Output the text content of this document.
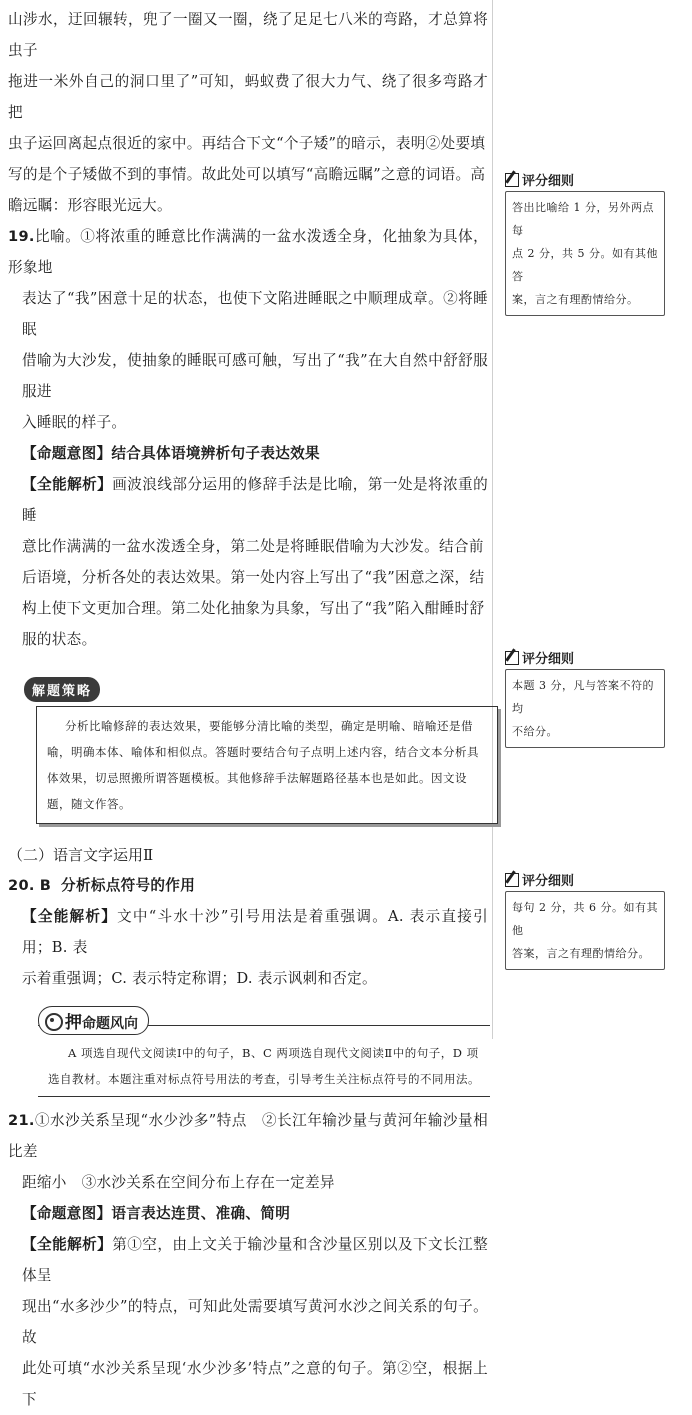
山涉水，迂回辗转，兜了一圈又一圈，绕了足足七八米的弯路，才总算将虫子

拖进一米外自己的洞口里了”可知，蚂蚁费了很大力气、绕了很多弯路才把

虫子运回离起点很近的家中。再结合下文“个子矮”的暗示，表明②处要填

写的是个子矮做不到的事情。故此处可以填写“高瞻远瞩”之意的词语。高

瞻远瞩：形容眼光远大。

19.比喻。①将浓重的睡意比作满满的一盆水泼透全身，化抽象为具体，形象地

表达了“我”困意十足的状态，也使下文陷进睡眠之中顺理成章。②将睡眠

借喻为大沙发，使抽象的睡眠可感可触，写出了“我”在大自然中舒舒服服进

入睡眠的样子。

【命题意图】结合具体语境辨析句子表达效果

【全能解析】画波浪线部分运用的修辞手法是比喻，第一处是将浓重的睡

意比作满满的一盆水泼透全身，第二处是将睡眠借喻为大沙发。结合前

后语境，分析各处的表达效果。第一处内容上写出了“我”困意之深，结

构上使下文更加合理。第二处化抽象为具象，写出了“我”陷入酣睡时舒

服的状态。

解题策略

分析比喻修辞的表达效果，要能够分清比喻的类型，确定是明喻、暗喻还是借

喻，明确本体、喻体和相似点。答题时要结合句子点明上述内容，结合文本分析具

体效果，切忌照搬所谓答题模板。其他修辞手法解题路径基本也是如此。因文设

题，随文作答。

（二）语言文字运用Ⅱ

20. B 分析标点符号的作用

【全能解析】文中“斗水十沙”引号用法是着重强调。A. 表示直接引用；B. 表

示着重强调；C. 表示特定称谓；D. 表示讽刺和否定。

押命题风向

A 项选自现代文阅读Ⅰ中的句子，B、C 两项选自现代文阅读Ⅱ中的句子，D 项

选自教材。本题注重对标点符号用法的考查，引导考生关注标点符号的不同用法。

21.①水沙关系呈现“水少沙多”特点　②长江年输沙量与黄河年输沙量相比差

距缩小　③水沙关系在空间分布上存在一定差异

【命题意图】语言表达连贯、准确、简明

【全能解析】第①空，由上文关于输沙量和含沙量区别以及下文长江整体呈

现出“水多沙少”的特点，可知此处需要填写黄河水沙之间关系的句子。故

此处可填“水沙关系呈现‘水少沙多’特点”之意的句子。第②空，根据上下

评分细则

答出比喻给 1 分，另外两点每

点 2 分，共 5 分。如有其他答

案，言之有理酌情给分。

评分细则

本题 3 分，凡与答案不符的均

不给分。

评分细则

每句 2 分，共 6 分。如有其他

答案，言之有理酌情给分。
